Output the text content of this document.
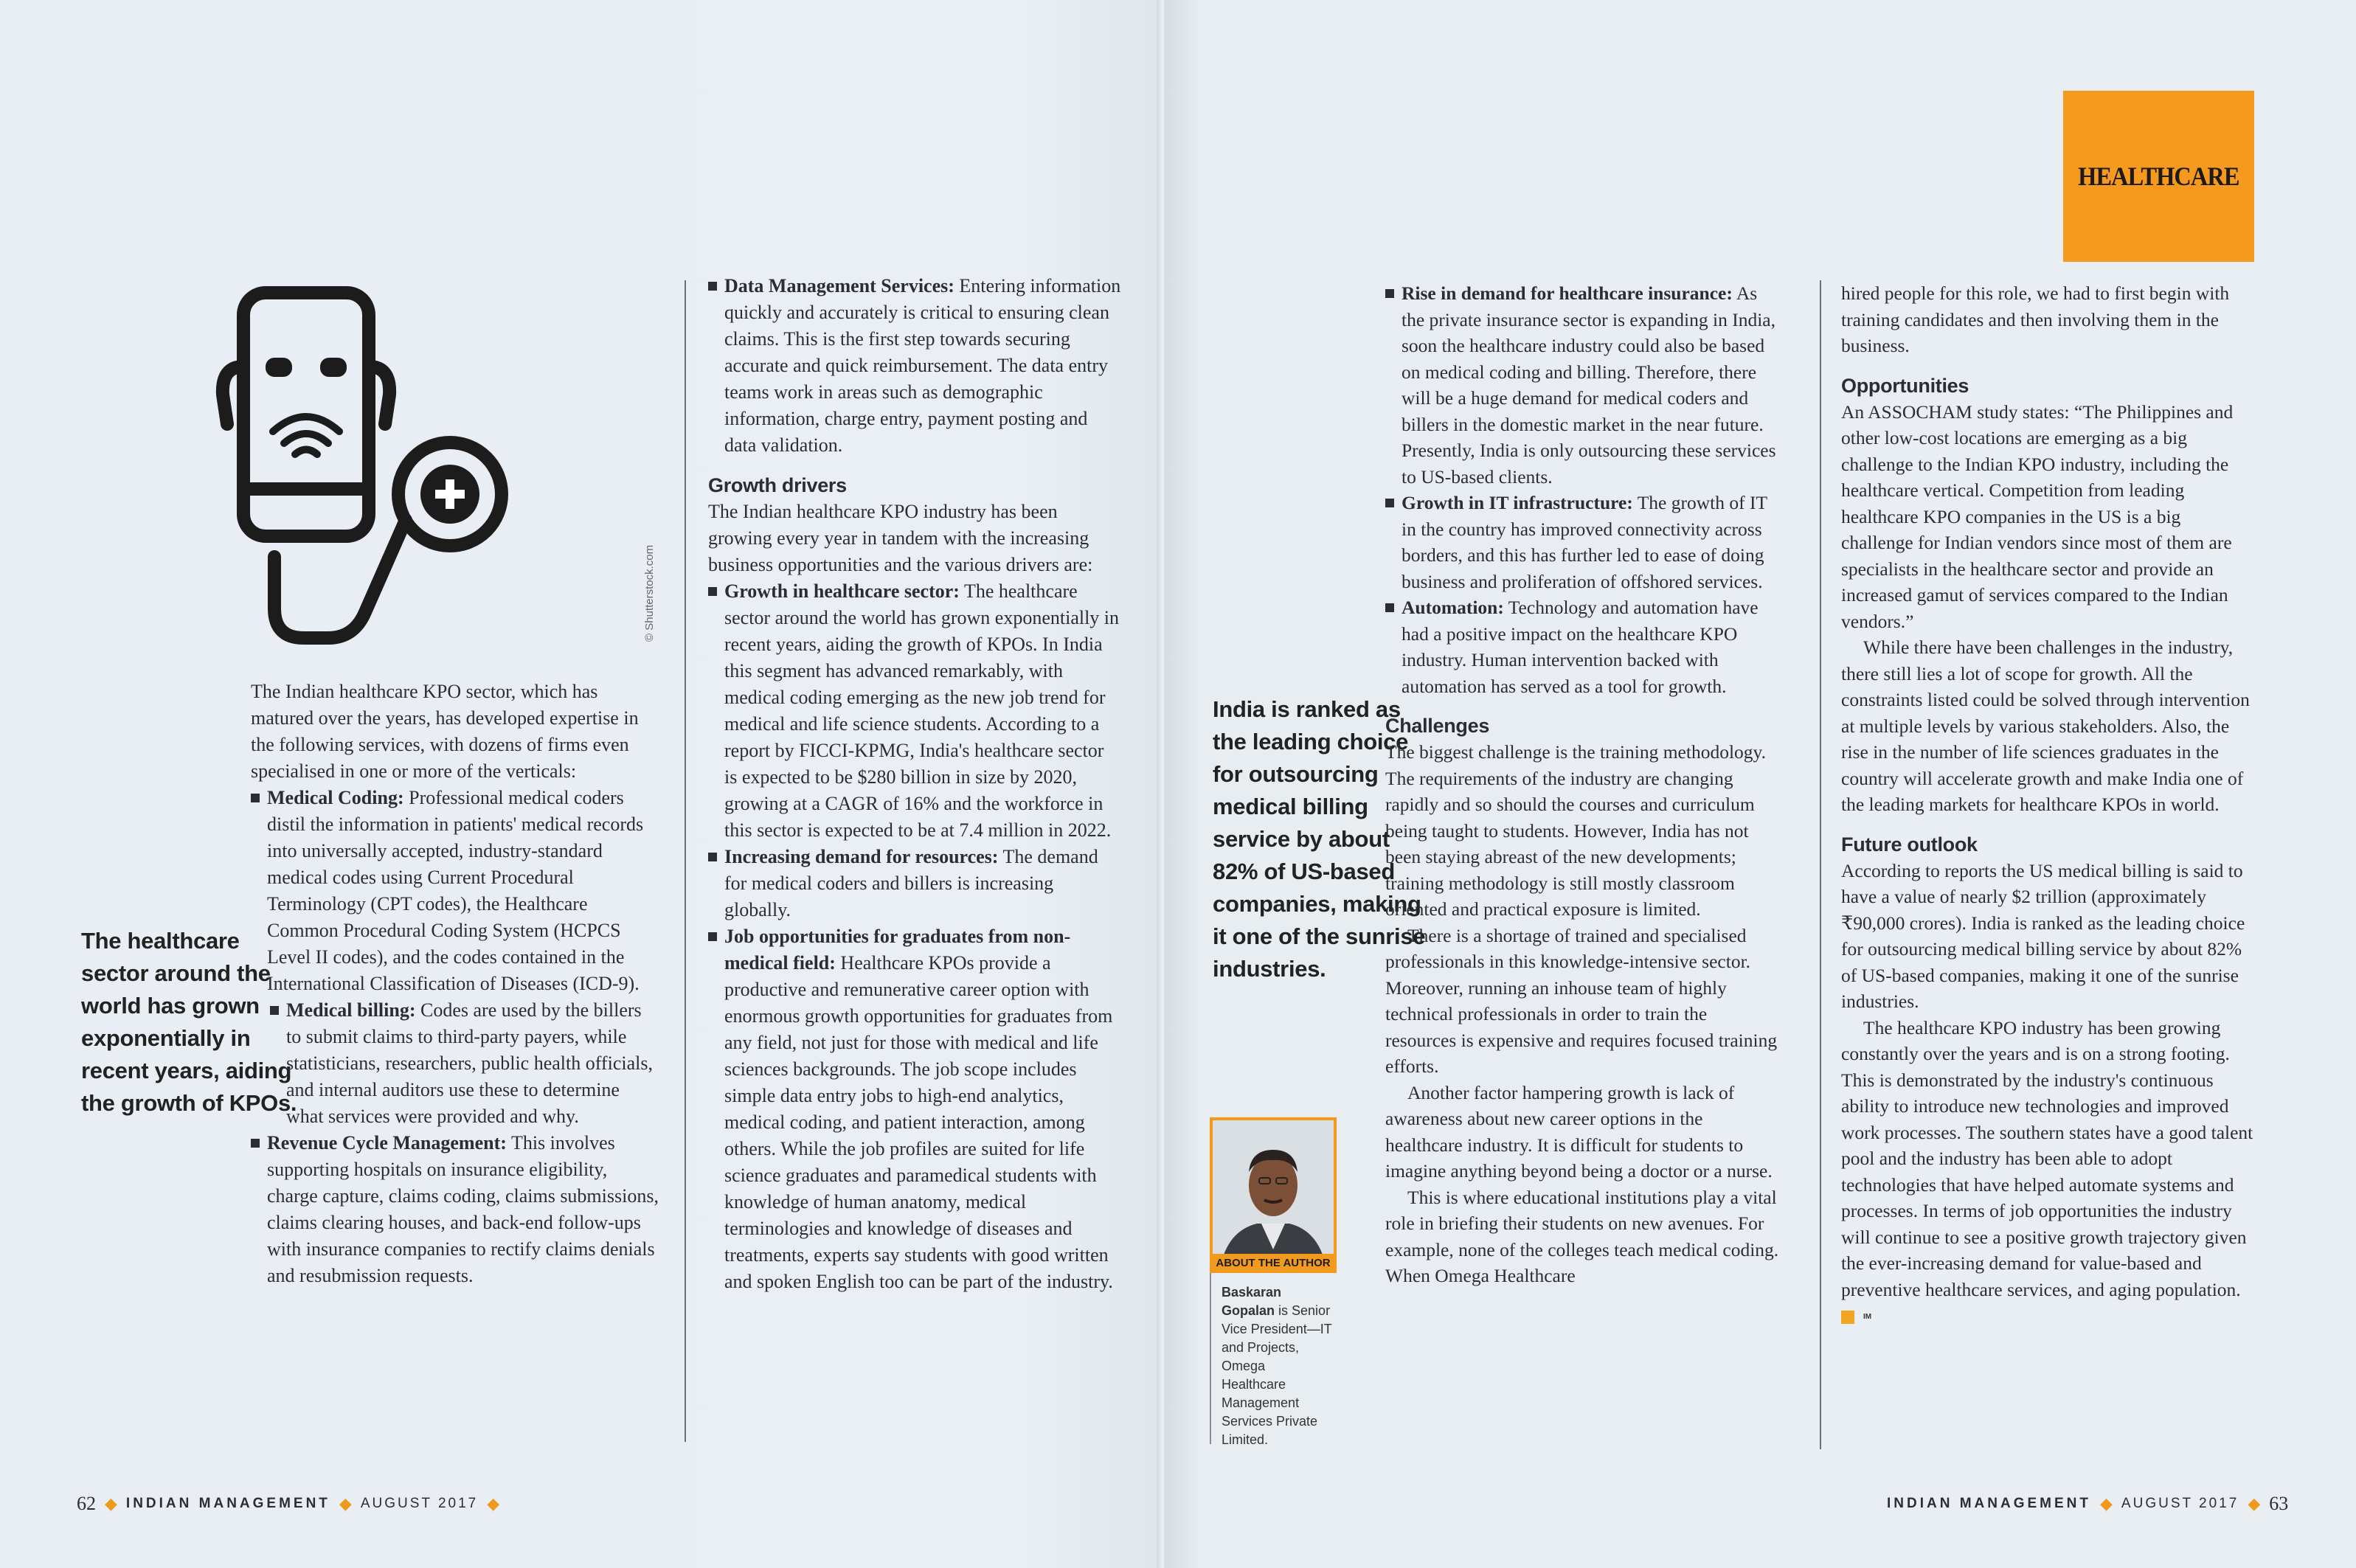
© Shutterstock.com
The healthcare sector around the world has grown exponentially in recent years, aiding the growth of KPOs.

The Indian healthcare KPO sector, which has matured over the years, has developed expertise in the following services, with dozens of firms even specialised in one or more of the verticals:

Medical Coding: Professional medical coders distil the information in patients' medical records into universally accepted, industry-standard medical codes using Current Procedural Terminology (CPT codes), the Healthcare Common Procedural Coding System (HCPCS Level II codes), and the codes contained in the International Classification of Diseases (ICD-9).

Medical billing: Codes are used by the billers to submit claims to third-party payers, while statisticians, researchers, public health officials, and internal auditors use these to determine what services were provided and why.

Revenue Cycle Management: This involves supporting hospitals on insurance eligibility, charge capture, claims coding, claims submissions, claims clearing houses, and back-end follow-ups with insurance companies to rectify claims denials and resubmission requests.

Data Management Services: Entering information quickly and accurately is critical to ensuring clean claims. This is the first step towards securing accurate and quick reimbursement. The data entry teams work in areas such as demographic information, charge entry, payment posting and data validation.

Growth drivers

The Indian healthcare KPO industry has been growing every year in tandem with the increasing business opportunities and the various drivers are:

Growth in healthcare sector: The healthcare sector around the world has grown exponentially in recent years, aiding the growth of KPOs. In India this segment has advanced remarkably, with medical coding emerging as the new job trend for medical and life science students. According to a report by FICCI-KPMG, India's healthcare sector is expected to be $280 billion in size by 2020, growing at a CAGR of 16% and the workforce in this sector is expected to be at 7.4 million in 2022.

Increasing demand for resources: The demand for medical coders and billers is increasing globally.

Job opportunities for graduates from non-medical field: Healthcare KPOs provide a productive and remunerative career option with enormous growth opportunities for graduates from any field, not just for those with medical and life sciences backgrounds. The job scope includes simple data entry jobs to high-end analytics, medical coding, and patient interaction, among others. While the job profiles are suited for life science graduates and paramedical students with knowledge of human anatomy, medical terminologies and knowledge of diseases and treatments, experts say students with good written and spoken English too can be part of the industry.

62 ◆ INDIAN MANAGEMENT ◆ AUGUST 2017 ◆
HEALTHCARE
India is ranked as the leading choice for outsourcing medical billing service by about 82% of US-based companies, making it one of the sunrise industries.
ABOUT THE AUTHOR
Baskaran Gopalan is Senior Vice President—IT and Projects, Omega Healthcare Management Services Private Limited.

Rise in demand for healthcare insurance: As the private insurance sector is expanding in India, soon the healthcare industry could also be based on medical coding and billing. Therefore, there will be a huge demand for medical coders and billers in the domestic market in the near future. Presently, India is only outsourcing these services to US-based clients.

Growth in IT infrastructure: The growth of IT in the country has improved connectivity across borders, and this has further led to ease of doing business and proliferation of offshored services.

Automation: Technology and automation have had a positive impact on the healthcare KPO industry. Human intervention backed with automation has served as a tool for growth.

Challenges

The biggest challenge is the training methodology. The requirements of the industry are changing rapidly and so should the courses and curriculum being taught to students. However, India has not been staying abreast of the new developments; training methodology is still mostly classroom oriented and practical exposure is limited.

There is a shortage of trained and specialised professionals in this knowledge-intensive sector. Moreover, running an inhouse team of highly technical professionals in order to train the resources is expensive and requires focused training efforts.

Another factor hampering growth is lack of awareness about new career options in the healthcare industry. It is difficult for students to imagine anything beyond being a doctor or a nurse.

This is where educational institutions play a vital role in briefing their students on new avenues. For example, none of the colleges teach medical coding. When Omega Healthcare

hired people for this role, we had to first begin with training candidates and then involving them in the business.

Opportunities

An ASSOCHAM study states: “The Philippines and other low-cost locations are emerging as a big challenge to the Indian KPO industry, including the healthcare vertical. Competition from leading healthcare KPO companies in the US is a big challenge for Indian vendors since most of them are specialists in the healthcare sector and provide an increased gamut of services compared to the Indian vendors.”

While there have been challenges in the industry, there still lies a lot of scope for growth. All the constraints listed could be solved through intervention at multiple levels by various stakeholders. Also, the rise in the number of life sciences graduates in the country will accelerate growth and make India one of the leading markets for healthcare KPOs in world.

Future outlook

According to reports the US medical billing is said to have a value of nearly $2 trillion (approximately ₹90,000 crores). India is ranked as the leading choice for outsourcing medical billing service by about 82% of US-based companies, making it one of the sunrise industries.

The healthcare KPO industry has been growing constantly over the years and is on a strong footing. This is demonstrated by the industry's continuous ability to introduce new technologies and improved work processes. The southern states have a good talent pool and the industry has been able to adopt technologies that have helped automate systems and processes. In terms of job opportunities the industry will continue to see a positive growth trajectory given the ever-increasing demand for value-based and preventive healthcare services, and aging population. IM

INDIAN MANAGEMENT ◆ AUGUST 2017 ◆ 63
